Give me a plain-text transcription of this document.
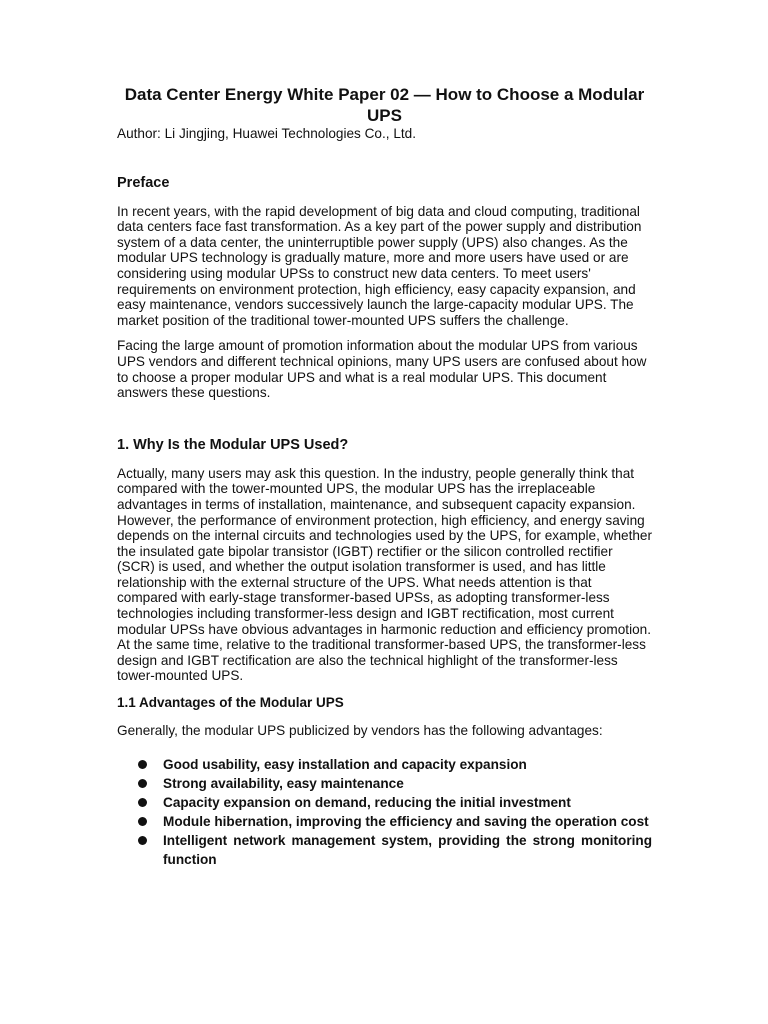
Data Center Energy White Paper 02 — How to Choose a Modular UPS

Author: Li Jingjing, Huawei Technologies Co., Ltd.

Preface

In recent years, with the rapid development of big data and cloud computing, traditional data centers face fast transformation. As a key part of the power supply and distribution system of a data center, the uninterruptible power supply (UPS) also changes. As the modular UPS technology is gradually mature, more and more users have used or are considering using modular UPSs to construct new data centers. To meet users' requirements on environment protection, high efficiency, easy capacity expansion, and easy maintenance, vendors successively launch the large-capacity modular UPS. The market position of the traditional tower-mounted UPS suffers the challenge.

Facing the large amount of promotion information about the modular UPS from various UPS vendors and different technical opinions, many UPS users are confused about how to choose a proper modular UPS and what is a real modular UPS. This document answers these questions.

1. Why Is the Modular UPS Used?

Actually, many users may ask this question. In the industry, people generally think that compared with the tower-mounted UPS, the modular UPS has the irreplaceable advantages in terms of installation, maintenance, and subsequent capacity expansion. However, the performance of environment protection, high efficiency, and energy saving depends on the internal circuits and technologies used by the UPS, for example, whether the insulated gate bipolar transistor (IGBT) rectifier or the silicon controlled rectifier (SCR) is used, and whether the output isolation transformer is used, and has little relationship with the external structure of the UPS. What needs attention is that compared with early-stage transformer-based UPSs, as adopting transformer-less technologies including transformer-less design and IGBT rectification, most current modular UPSs have obvious advantages in harmonic reduction and efficiency promotion. At the same time, relative to the traditional transformer-based UPS, the transformer-less design and IGBT rectification are also the technical highlight of the transformer-less tower-mounted UPS.

1.1 Advantages of the Modular UPS

Generally, the modular UPS publicized by vendors has the following advantages:

Good usability, easy installation and capacity expansion
Strong availability, easy maintenance
Capacity expansion on demand, reducing the initial investment
Module hibernation, improving the efficiency and saving the operation cost
Intelligent network management system, providing the strong monitoring function
